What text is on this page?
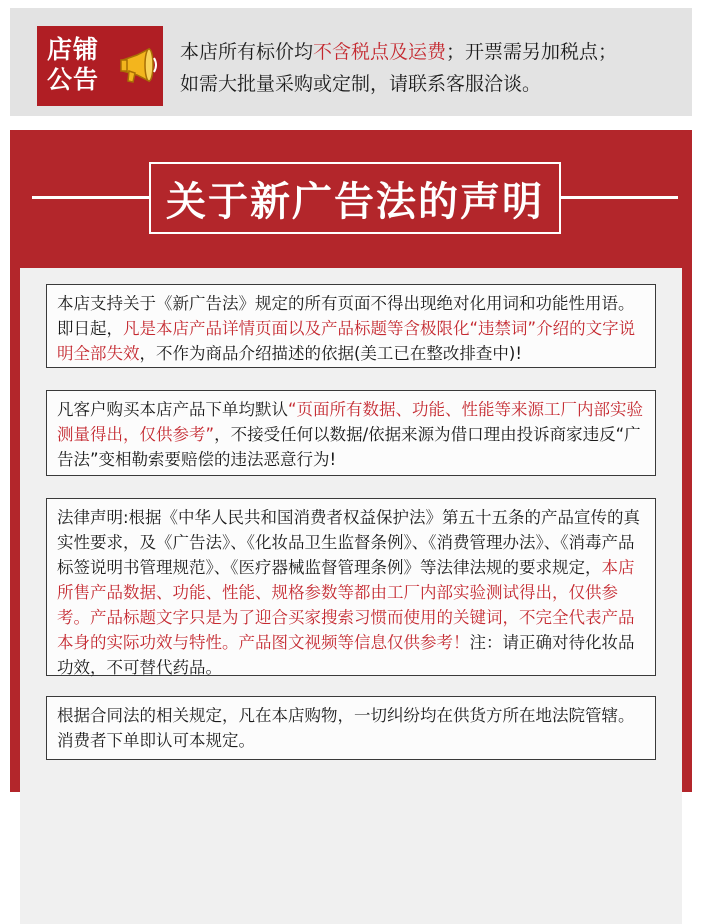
店铺
公告
本店所有标价均不含税点及运费；开票需另加税点；
如需大批量采购或定制，请联系客服洽谈。
关于新广告法的声明

本店支持关于《新广告法》规定的所有页面不得出现绝对化用词和功能性用语。即日起，凡是本店产品详情页面以及产品标题等含极限化“违禁词”介绍的文字说明全部失效，不作为商品介绍描述的依据(美工已在整改排查中)!

凡客户购买本店产品下单均默认“页面所有数据、功能、性能等来源工厂内部实验测量得出，仅供参考”，不接受任何以数据/依据来源为借口理由投诉商家违反“广告法”变相勒索要赔偿的违法恶意行为!

法律声明:根据《中华人民共和国消费者权益保护法》第五十五条的产品宣传的真实性要求，及《广告法》、《化妆品卫生监督条例》、《消费管理办法》、《消毒产品标签说明书管理规范》、《医疗器械监督管理条例》等法律法规的要求规定，本店所售产品数据、功能、性能、规格参数等都由工厂内部实验测试得出，仅供参考。产品标题文字只是为了迎合买家搜索习惯而使用的关键词，不完全代表产品本身的实际功效与特性。产品图文视频等信息仅供参考！注：请正确对待化妆品功效，不可替代药品。

根据合同法的相关规定，凡在本店购物，一切纠纷均在供货方所在地法院管辖。消费者下单即认可本规定。
